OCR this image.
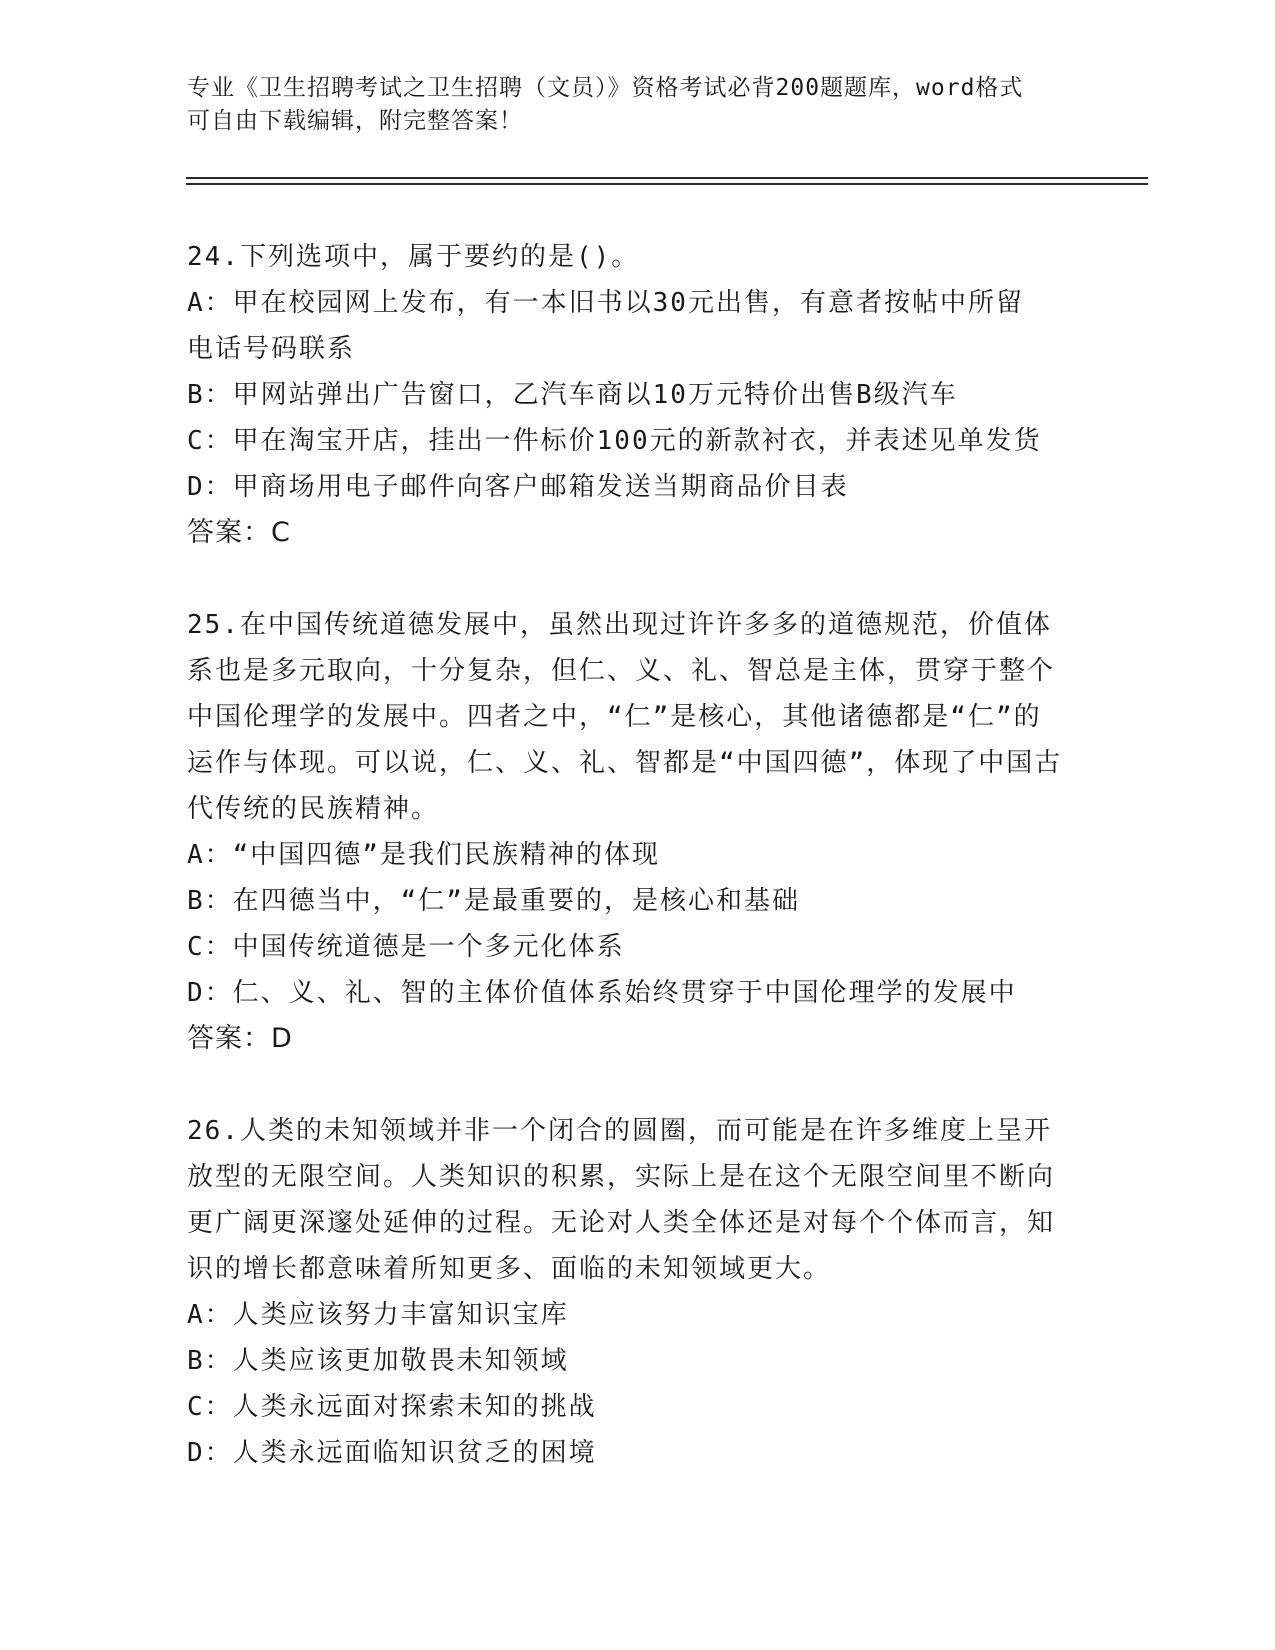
专业《卫生招聘考试之卫生招聘（文员）》资格考试必背200题题库，word格式
可自由下载编辑，附完整答案！

24.下列选项中，属于要约的是()。

A：甲在校园网上发布，有一本旧书以30元出售，有意者按帖中所留

电话号码联系

B：甲网站弹出广告窗口，乙汽车商以10万元特价出售B级汽车

C：甲在淘宝开店，挂出一件标价100元的新款衬衣，并表述见单发货

D：甲商场用电子邮件向客户邮箱发送当期商品价目表

答案：C

25.在中国传统道德发展中，虽然出现过许许多多的道德规范，价值体系也是多元取向，十分复杂，但仁、义、礼、智总是主体，贯穿于整个中国伦理学的发展中。四者之中，“仁”是核心，其他诸德都是“仁”的运作与体现。可以说，仁、义、礼、智都是“中国四德”，体现了中国古代传统的民族精神。

A：“中国四德”是我们民族精神的体现

B：在四德当中，“仁”是最重要的，是核心和基础

C：中国传统道德是一个多元化体系

D：仁、义、礼、智的主体价值体系始终贯穿于中国伦理学的发展中

答案：D

26.人类的未知领域并非一个闭合的圆圈，而可能是在许多维度上呈开放型的无限空间。人类知识的积累，实际上是在这个无限空间里不断向更广阔更深邃处延伸的过程。无论对人类全体还是对每个个体而言，知识的增长都意味着所知更多、面临的未知领域更大。

A：人类应该努力丰富知识宝库

B：人类应该更加敬畏未知领域

C：人类永远面对探索未知的挑战

D：人类永远面临知识贫乏的困境
